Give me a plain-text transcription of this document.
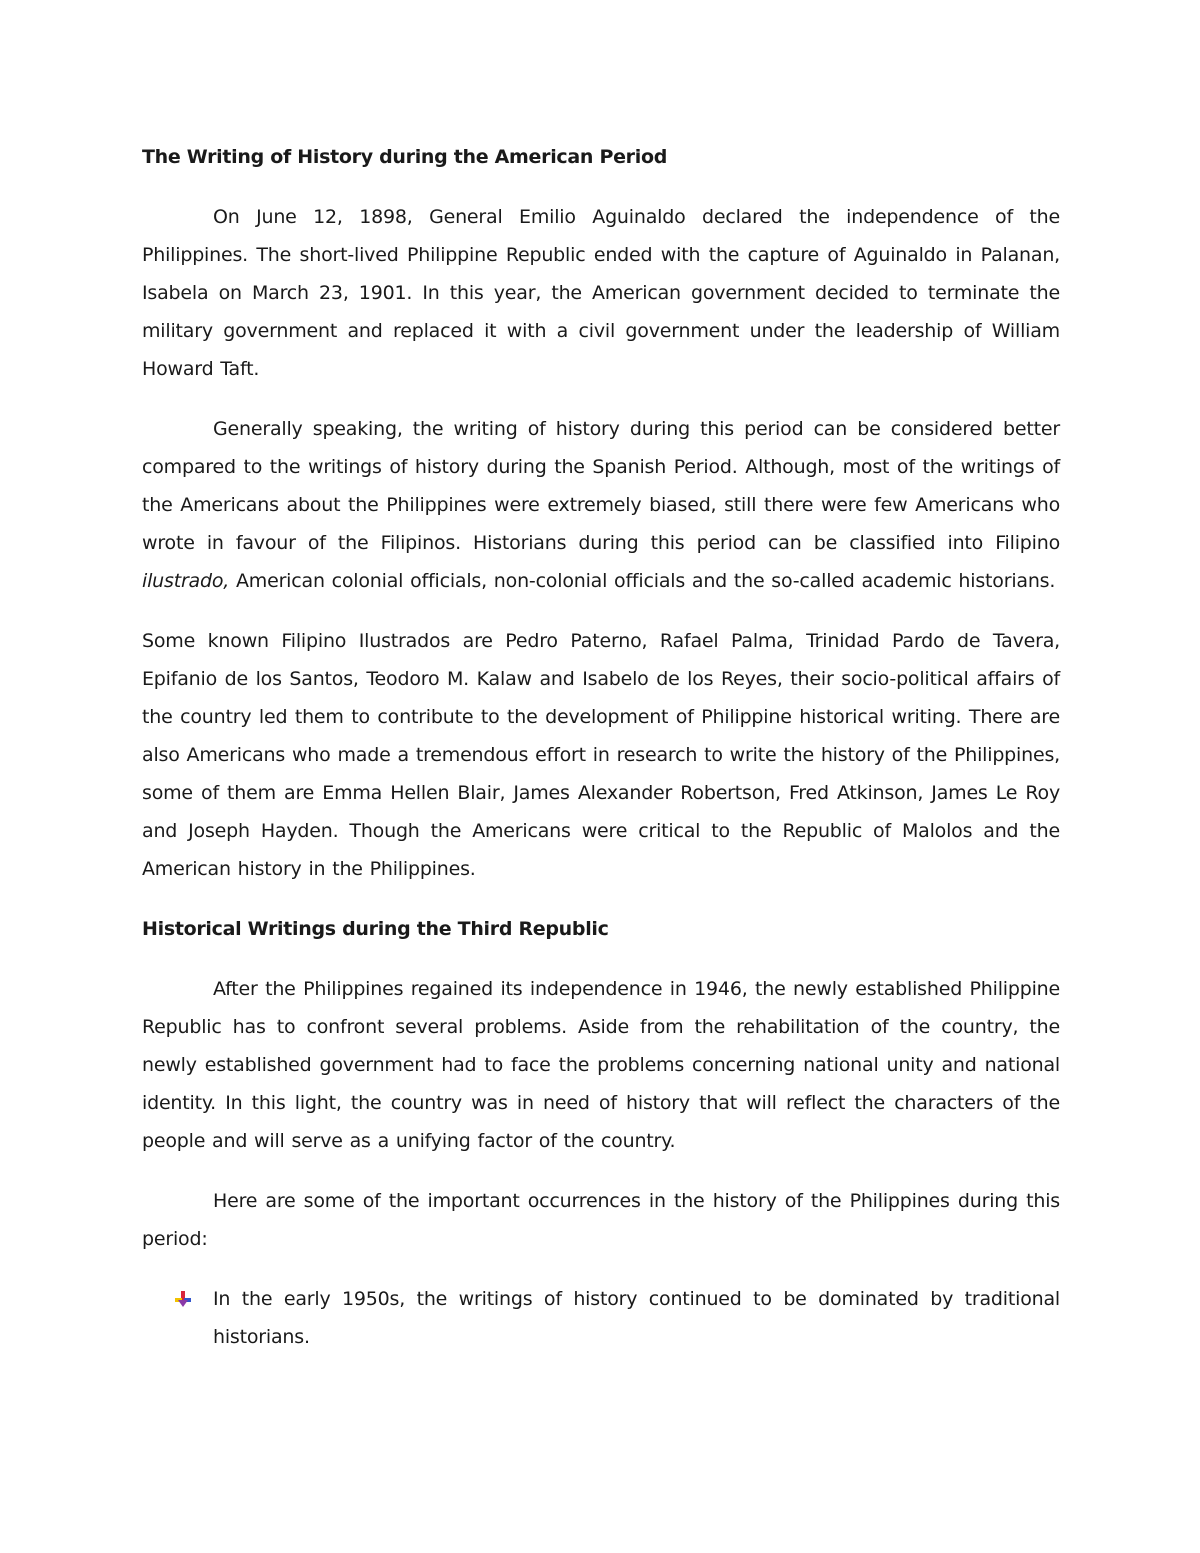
The Writing of History during the American Period

On June 12, 1898, General Emilio Aguinaldo declared the independence of the Philippines. The short-lived Philippine Republic ended with the capture of Aguinaldo in Palanan, Isabela on March 23, 1901. In this year, the American government decided to terminate the military government and replaced it with a civil government under the leadership of William Howard Taft.

Generally speaking, the writing of history during this period can be considered better compared to the writings of history during the Spanish Period. Although, most of the writings of the Americans about the Philippines were extremely biased, still there were few Americans who wrote in favour of the Filipinos. Historians during this period can be classified into Filipino ilustrado, American colonial officials, non-colonial officials and the so-called academic historians.

Some known Filipino Ilustrados are Pedro Paterno, Rafael Palma, Trinidad Pardo de Tavera, Epifanio de los Santos, Teodoro M. Kalaw and Isabelo de los Reyes, their socio-political affairs of the country led them to contribute to the development of Philippine historical writing. There are also Americans who made a tremendous effort in research to write the history of the Philippines, some of them are Emma Hellen Blair, James Alexander Robertson, Fred Atkinson, James Le Roy and Joseph Hayden. Though the Americans were critical to the Republic of Malolos and the American history in the Philippines.

Historical Writings during the Third Republic

After the Philippines regained its independence in 1946, the newly established Philippine Republic has to confront several problems. Aside from the rehabilitation of the country, the newly established government had to face the problems concerning national unity and national identity. In this light, the country was in need of history that will reflect the characters of the people and will serve as a unifying factor of the country.

Here are some of the important occurrences in the history of the Philippines during this period:

In the early 1950s, the writings of history continued to be dominated by traditional historians.
